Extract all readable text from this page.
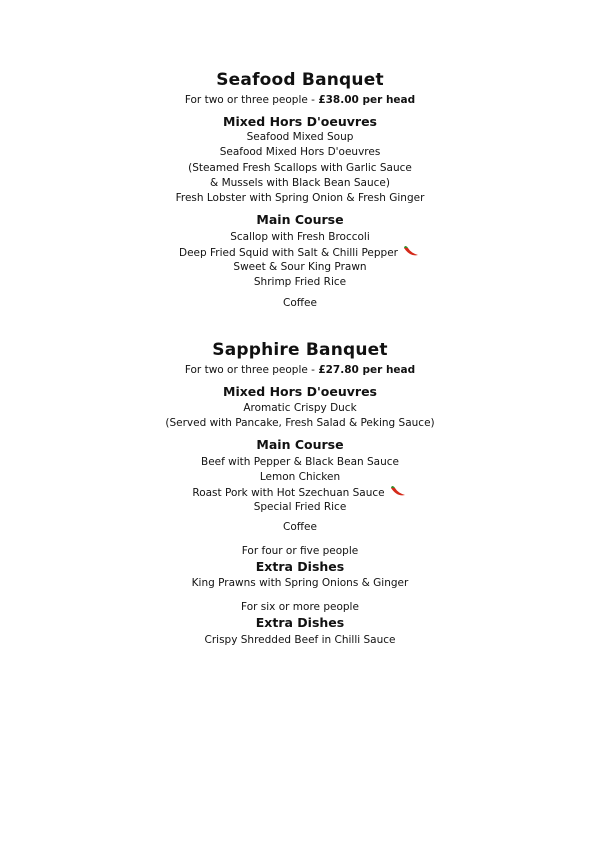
Seafood Banquet
For two or three people - £38.00 per head
Mixed Hors D'oeuvres
Seafood Mixed Soup
Seafood Mixed Hors D'oeuvres
(Steamed Fresh Scallops with Garlic Sauce
& Mussels with Black Bean Sauce)
Fresh Lobster with Spring Onion & Fresh Ginger
Main Course
Scallop with Fresh Broccoli
Deep Fried Squid with Salt & Chilli Pepper
Sweet & Sour King Prawn
Shrimp Fried Rice
Coffee
Sapphire Banquet
For two or three people - £27.80 per head
Mixed Hors D'oeuvres
Aromatic Crispy Duck
(Served with Pancake, Fresh Salad & Peking Sauce)
Main Course
Beef with Pepper & Black Bean Sauce
Lemon Chicken
Roast Pork with Hot Szechuan Sauce
Special Fried Rice
Coffee
For four or five people
Extra Dishes
King Prawns with Spring Onions & Ginger
For six or more people
Extra Dishes
Crispy Shredded Beef in Chilli Sauce
